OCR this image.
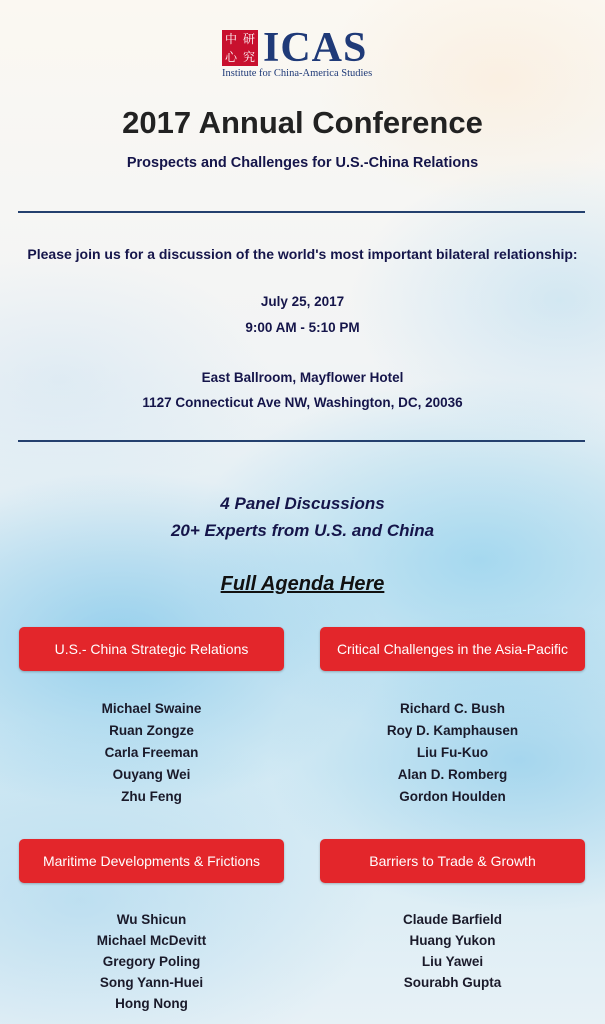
中 研
心 究 ICAS
Institute for China-America Studies
2017 Annual Conference
Prospects and Challenges for U.S.-China Relations
Please join us for a discussion of the world's most important bilateral relationship:
July 25, 2017
9:00 AM - 5:10 PM
East Ballroom, Mayflower Hotel
1127 Connecticut Ave NW, Washington, DC, 20036
4 Panel Discussions
20+ Experts from U.S. and China
Full Agenda Here
U.S.- China Strategic Relations
Michael Swaine
Ruan Zongze
Carla Freeman
Ouyang Wei
Zhu Feng
Critical Challenges in the Asia-Pacific
Richard C. Bush
Roy D. Kamphausen
Liu Fu-Kuo
Alan D. Romberg
Gordon Houlden
Maritime Developments & Frictions
Wu Shicun
Michael McDevitt
Gregory Poling
Song Yann-Huei
Hong Nong
Barriers to Trade & Growth
Claude Barfield
Huang Yukon
Liu Yawei
Sourabh Gupta
